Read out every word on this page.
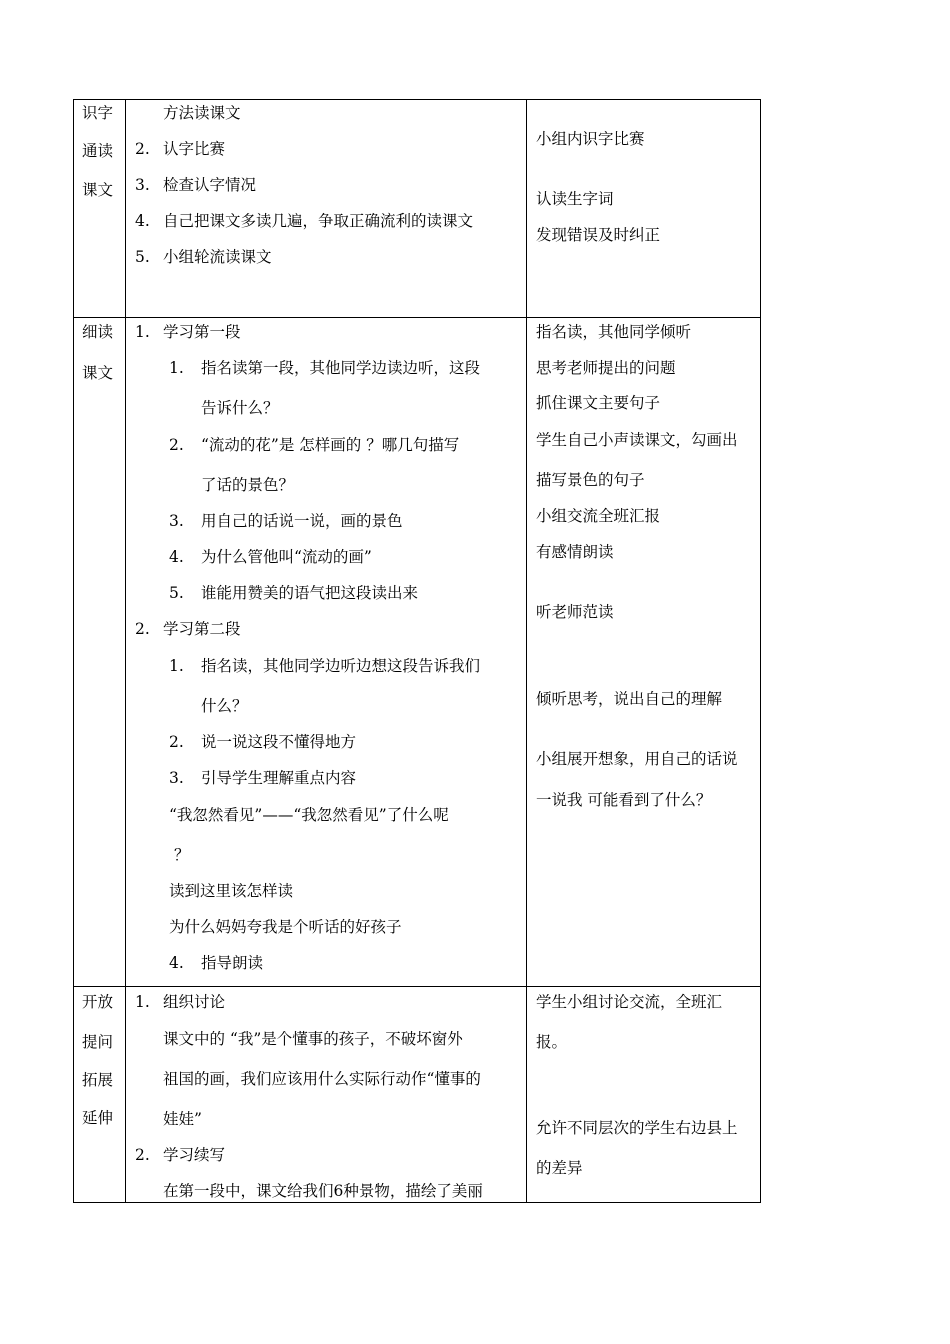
识字
通读
课文
方法读课文
2. 认字比赛
3. 检查认字情况
4. 自己把课文多读几遍，争取正确流利的读课文
5. 小组轮流读课文
小组内识字比赛
认读生字词
发现错误及时纠正
细读
课文
1. 学习第一段
1. 指名读第一段，其他同学边读边听，这段
告诉什么？
2. “流动的花”是 怎样画的 ？哪几句描写
了话的景色？
3. 用自己的话说一说，画的景色
4. 为什么管他叫“流动的画”
5. 谁能用赞美的语气把这段读出来
2. 学习第二段
1. 指名读，其他同学边听边想这段告诉我们
什么？
2. 说一说这段不懂得地方
3. 引导学生理解重点内容
“我忽然看见”——“我忽然看见”了什么呢
？
读到这里该怎样读
为什么妈妈夸我是个听话的好孩子
4. 指导朗读
指名读，其他同学倾听
思考老师提出的问题
抓住课文主要句子
学生自己小声读课文，勾画出
描写景色的句子
小组交流全班汇报
有感情朗读
听老师范读
倾听思考，说出自己的理解
小组展开想象，用自己的话说
一说我 可能看到了什么？
开放
提问
拓展
延伸
1. 组织讨论
课文中的 “我”是个懂事的孩子，不破坏窗外
祖国的画，我们应该用什么实际行动作“懂事的
娃娃”
2. 学习续写
在第一段中，课文给我们6种景物，描绘了美丽
学生小组讨论交流，全班汇
报。
允许不同层次的学生右边县上
的差异
